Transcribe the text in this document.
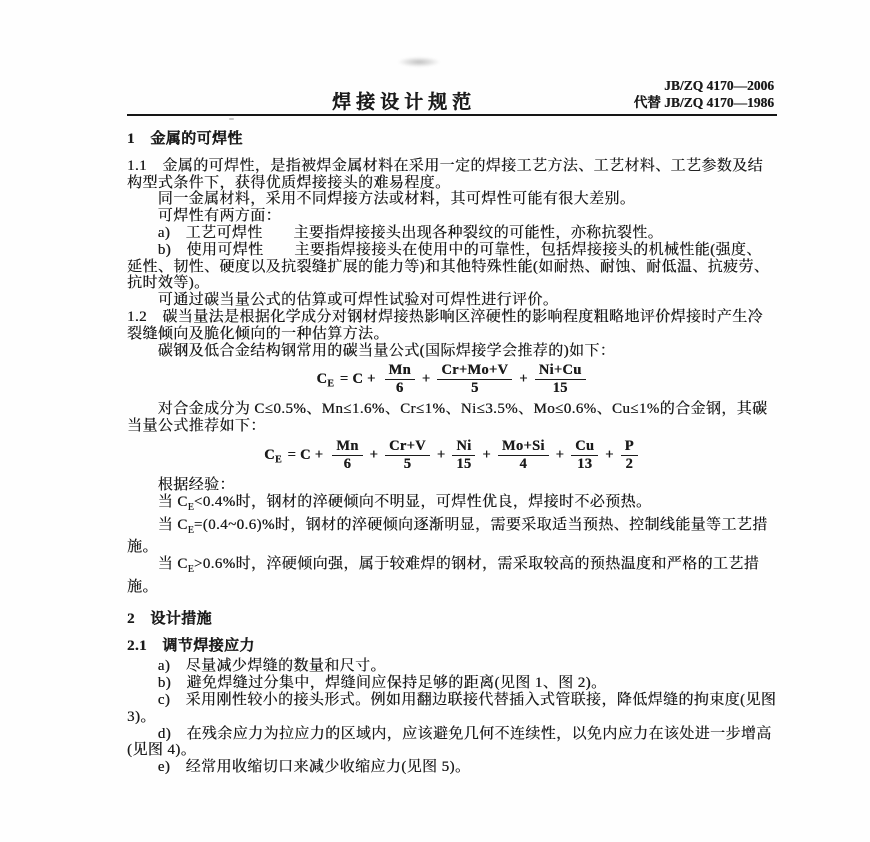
焊接设计规范
JB/ZQ 4170—2006
代替 JB/ZQ 4170—1986

1　金属的可焊性

1.1　金属的可焊性，是指被焊金属材料在采用一定的焊接工艺方法、工艺材料、工艺参数及结构型式条件下，获得优质焊接接头的难易程度。

同一金属材料，采用不同焊接方法或材料，其可焊性可能有很大差别。

可焊性有两方面：

a)　工艺可焊性　　主要指焊接接头出现各种裂纹的可能性，亦称抗裂性。

b)　使用可焊性　　主要指焊接接头在使用中的可靠性，包括焊接接头的机械性能(强度、延性、韧性、硬度以及抗裂缝扩展的能力等)和其他特殊性能(如耐热、耐蚀、耐低温、抗疲劳、抗时效等)。

可通过碳当量公式的估算或可焊性试验对可焊性进行评价。

1.2　碳当量法是根据化学成分对钢材焊接热影响区淬硬性的影响程度粗略地评价焊接时产生冷裂缝倾向及脆化倾向的一种估算方法。

碳钢及低合金结构钢常用的碳当量公式(国际焊接学会推荐的)如下：

$C_E = C + \frac{Mn}{6} + \frac{Cr+Mo+V}{5} + \frac{Ni+Cu}{15}$

对合金成分为 C≤0.5%、Mn≤1.6%、Cr≤1%、Ni≤3.5%、Mo≤0.6%、Cu≤1%的合金钢，其碳当量公式推荐如下：

$C_E = C + \frac{Mn}{6} + \frac{Cr+V}{5} + \frac{Ni}{15} + \frac{Mo+Si}{4} + \frac{Cu}{13} + \frac{P}{2}$

根据经验：

当 $C_E<0.4\%$时，钢材的淬硬倾向不明显，可焊性优良，焊接时不必预热。

当 $C_E=(0.4\sim 0.6)\%$时，钢材的淬硬倾向逐渐明显，需要采取适当预热、控制线能量等工艺措施。

当 $C_E>0.6\%$时，淬硬倾向强，属于较难焊的钢材，需采取较高的预热温度和严格的工艺措施。

2　设计措施

2.1　调节焊接应力

a)　尽量减少焊缝的数量和尺寸。

b)　避免焊缝过分集中，焊缝间应保持足够的距离(见图 1、图 2)。

c)　采用刚性较小的接头形式。例如用翻边联接代替插入式管联接，降低焊缝的拘束度(见图 3)。

d)　在残余应力为拉应力的区域内，应该避免几何不连续性，以免内应力在该处进一步增高(见图 4)。

e)　经常用收缩切口来减少收缩应力(见图 5)。
